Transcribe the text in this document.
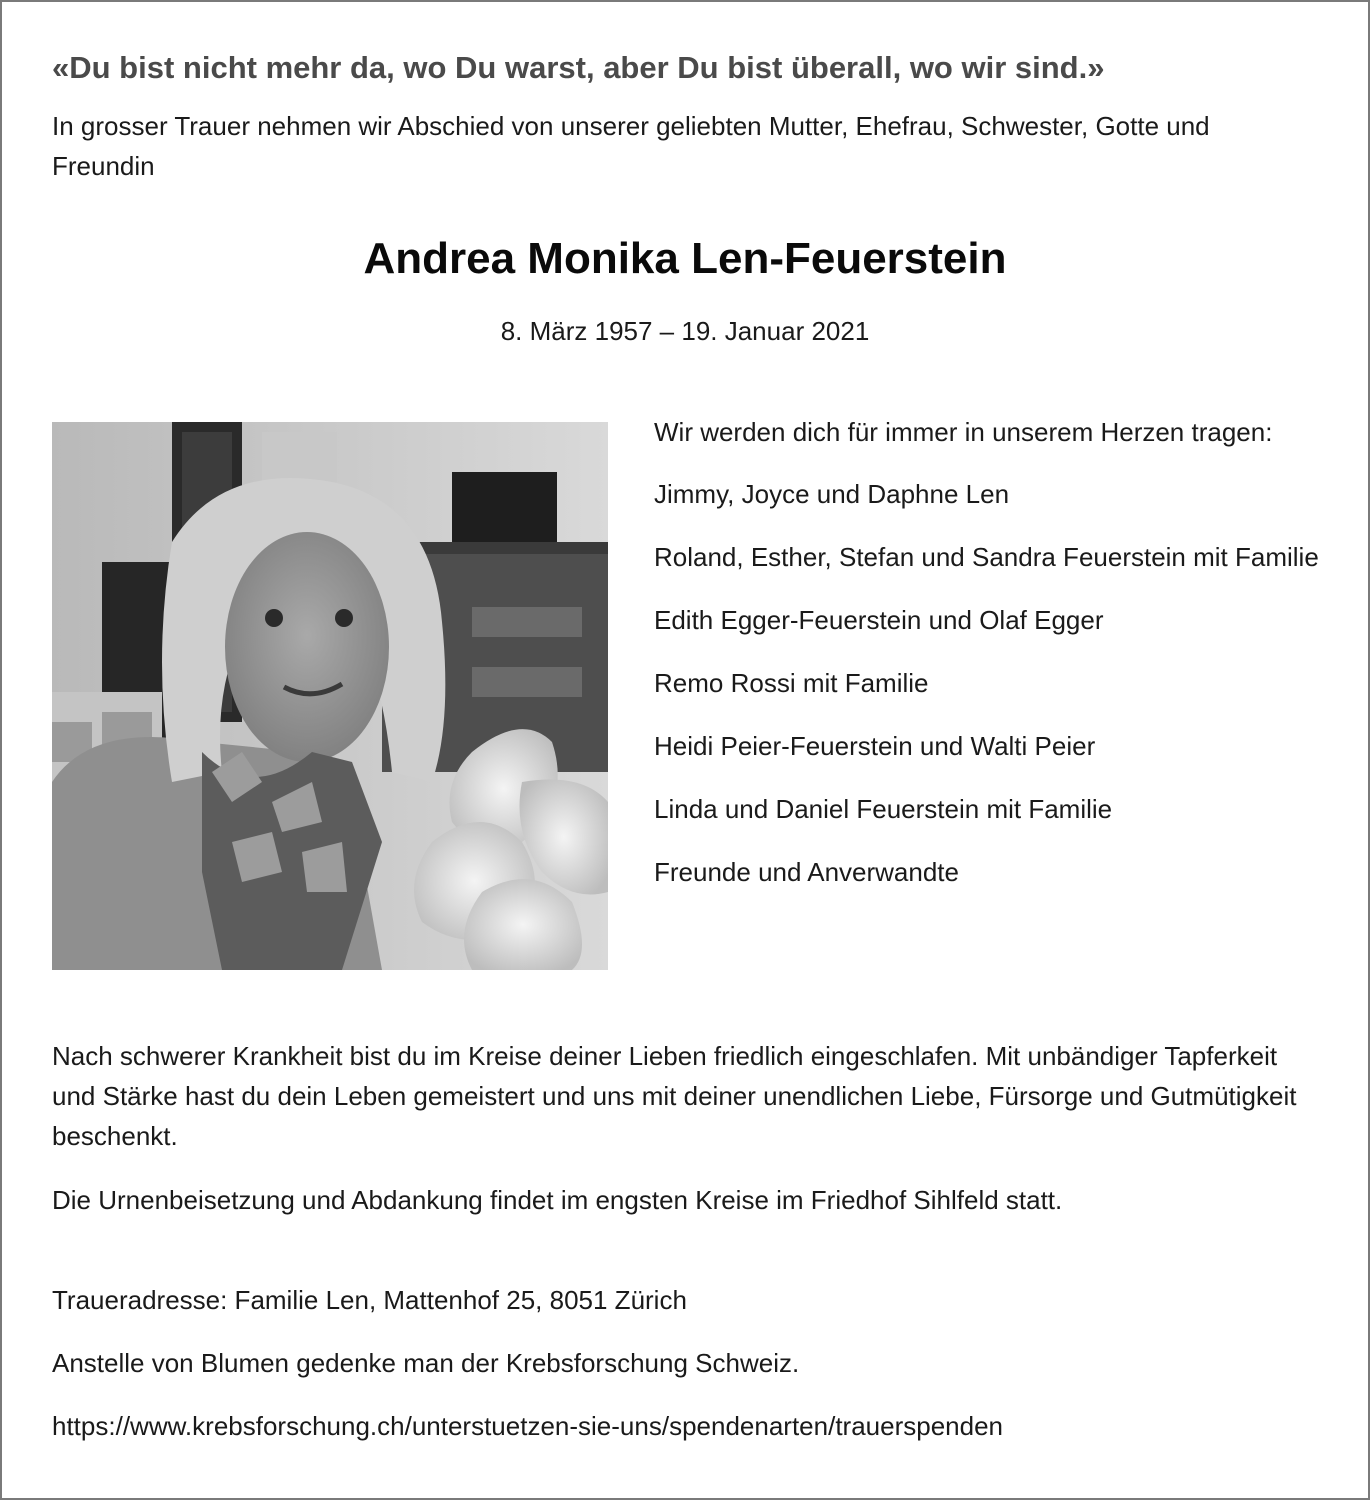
«Du bist nicht mehr da, wo Du warst, aber Du bist überall, wo wir sind.»
In grosser Trauer nehmen wir Abschied von unserer geliebten Mutter, Ehefrau, Schwester, Gotte und Freundin
Andrea Monika Len-Feuerstein
8. März 1957 – 19. Januar 2021
Wir werden dich für immer in unserem Herzen tragen:
Jimmy, Joyce und Daphne Len
Roland, Esther, Stefan und Sandra Feuerstein mit Familie
Edith Egger-Feuerstein und Olaf Egger
Remo Rossi mit Familie
Heidi Peier-Feuerstein und Walti Peier
Linda und Daniel Feuerstein mit Familie
Freunde und Anverwandte
Nach schwerer Krankheit bist du im Kreise deiner Lieben friedlich eingeschlafen. Mit unbändiger Tapferkeit und Stärke hast du dein Leben gemeistert und uns mit deiner unendlichen Liebe, Fürsorge und Gutmütigkeit beschenkt.
Die Urnenbeisetzung und Abdankung findet im engsten Kreise im Friedhof Sihlfeld statt.
Traueradresse: Familie Len, Mattenhof 25, 8051 Zürich
Anstelle von Blumen gedenke man der Krebsforschung Schweiz.
https://www.krebsforschung.ch/unterstuetzen-sie-uns/spendenarten/trauerspenden
